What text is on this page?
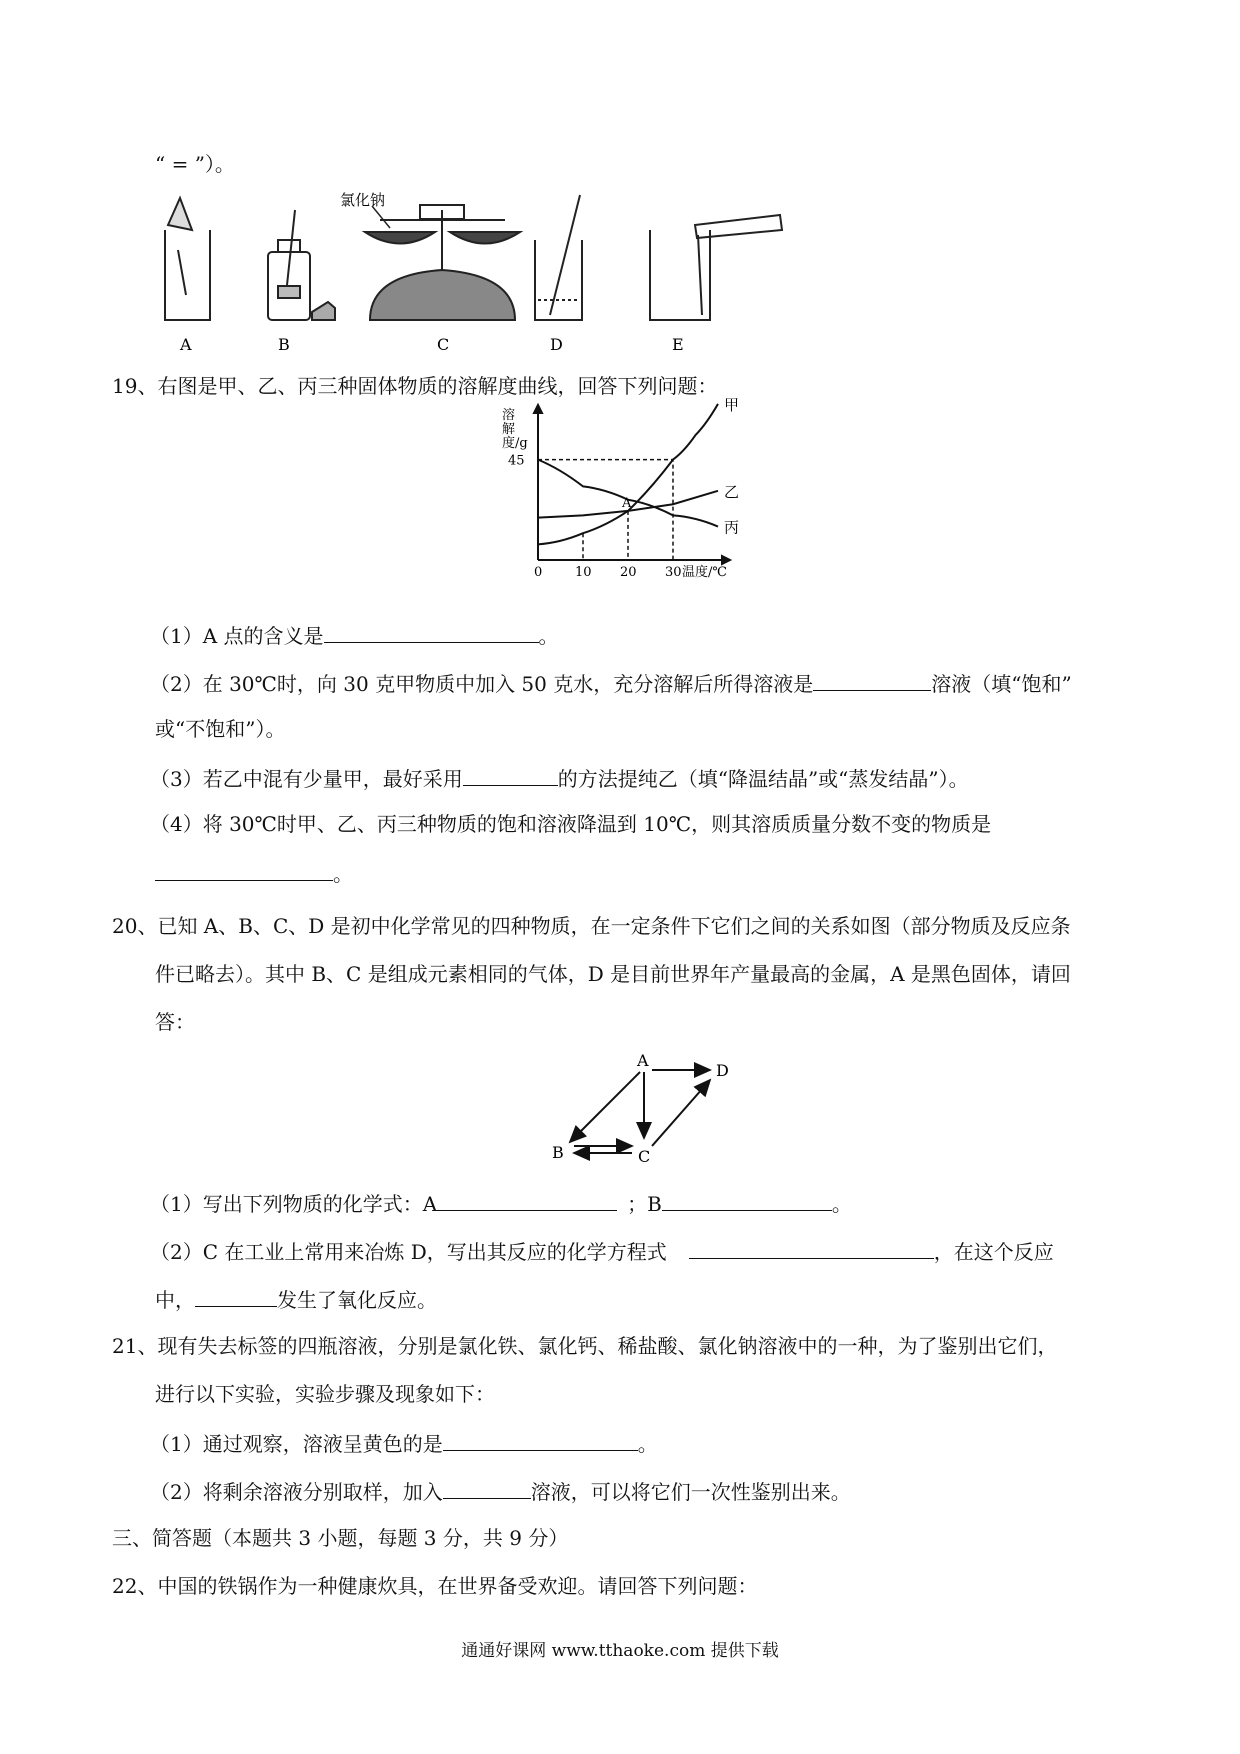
“ = ”）。
氯化钠
A	B	C	D	E
19、右图是甲、乙、丙三种固体物质的溶解度曲线，回答下列问题：
甲
乙
丙
溶
解
度/g
45
0	10 20 30 温度/℃
A
（1）A 点的含义是	。
（2）在 30℃时，向 30 克甲物质中加入 50 克水，充分溶解后所得溶液是	溶液（填“饱和”
或“不饱和”）。
（3）若乙中混有少量甲，最好采用	的方法提纯乙（填“降温结晶”或“蒸发结晶”）。
（4）将 30℃时甲、乙、丙三种物质的饱和溶液降温到 10℃，则其溶质质量分数不变的物质是
。
20、已知 A、B、C、D 是初中化学常见的四种物质，在一定条件下它们之间的关系如图（部分物质及反应条
件已略去）。其中 B、C 是组成元素相同的气体，D 是目前世界年产量最高的金属，A 是黑色固体，请回
答：
A
D
B	C
（1）写出下列物质的化学式：A	；B	。
（2）C 在工业上常用来冶炼 D，写出其反应的化学方程式	，在这个反应
中，	发生了氧化反应。
21、现有失去标签的四瓶溶液，分别是氯化铁、氯化钙、稀盐酸、氯化钠溶液中的一种，为了鉴别出它们，
进行以下实验，实验步骤及现象如下：
（1）通过观察，溶液呈黄色的是	。
（2）将剩余溶液分别取样，加入	溶液，可以将它们一次性鉴别出来。
三、简答题（本题共 3 小题，每题 3 分，共 9 分）
22、中国的铁锅作为一种健康炊具，在世界备受欢迎。请回答下列问题：
通通好课网 www.tthaoke.com 提供下载
